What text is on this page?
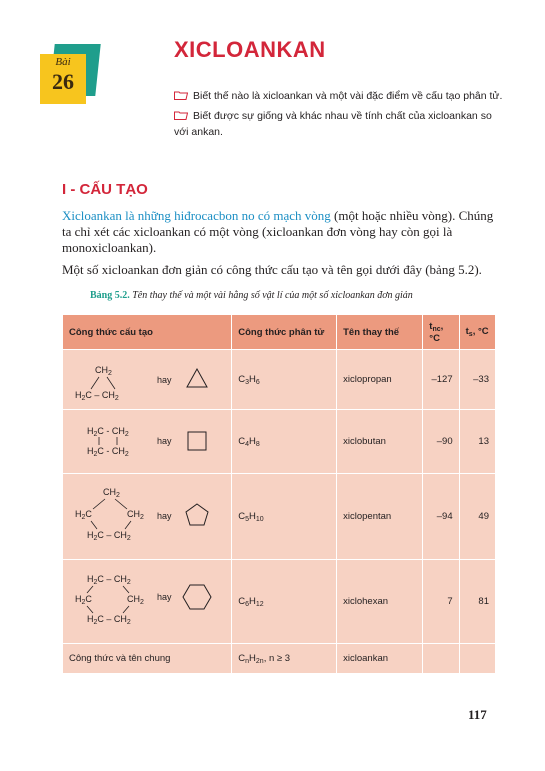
Bài
26
XICLOANKAN

Biết thế nào là xicloankan và một vài đặc điểm về cấu tạo phân tử.

Biết được sự giống và khác nhau về tính chất của xicloankan so với ankan.

I - CẤU TẠO
Xicloankan là những hiđrocacbon no có mạch vòng (một hoặc nhiều vòng). Chúng ta chỉ xét các xicloankan có một vòng (xicloankan đơn vòng hay còn gọi là monoxicloankan).
Một số xicloankan đơn giản có công thức cấu tạo và tên gọi dưới đây (bảng 5.2).
Bảng 5.2. Tên thay thế và một vài hằng số vật lí của một số xicloankan đơn giản
Công thức cấu tạo	Công thức phân tử	Tên thay thế	$t_{nc}$, °C	$t_s$, °C

$CH_2$
$H_2C - CH_2$
hay	$C_3H_6$	xiclopropan	–127	–33

$H_2C - CH_2$
$H_2C - CH_2$
hay	$C_4H_8$	xiclobutan	–90	13

$CH_2$
$H_2C$ $CH_2$
$H_2C - CH_2$
hay	$C_5H_{10}$	xiclopentan	–94	49

$H_2C - CH_2$
$H_2C$ $CH_2$
$H_2C - CH_2$
hay	$C_6H_{12}$	xiclohexan	7	81
Công thức và tên chung	$C_nH_{2n}$, n ≥ 3	xicloankan		
117
